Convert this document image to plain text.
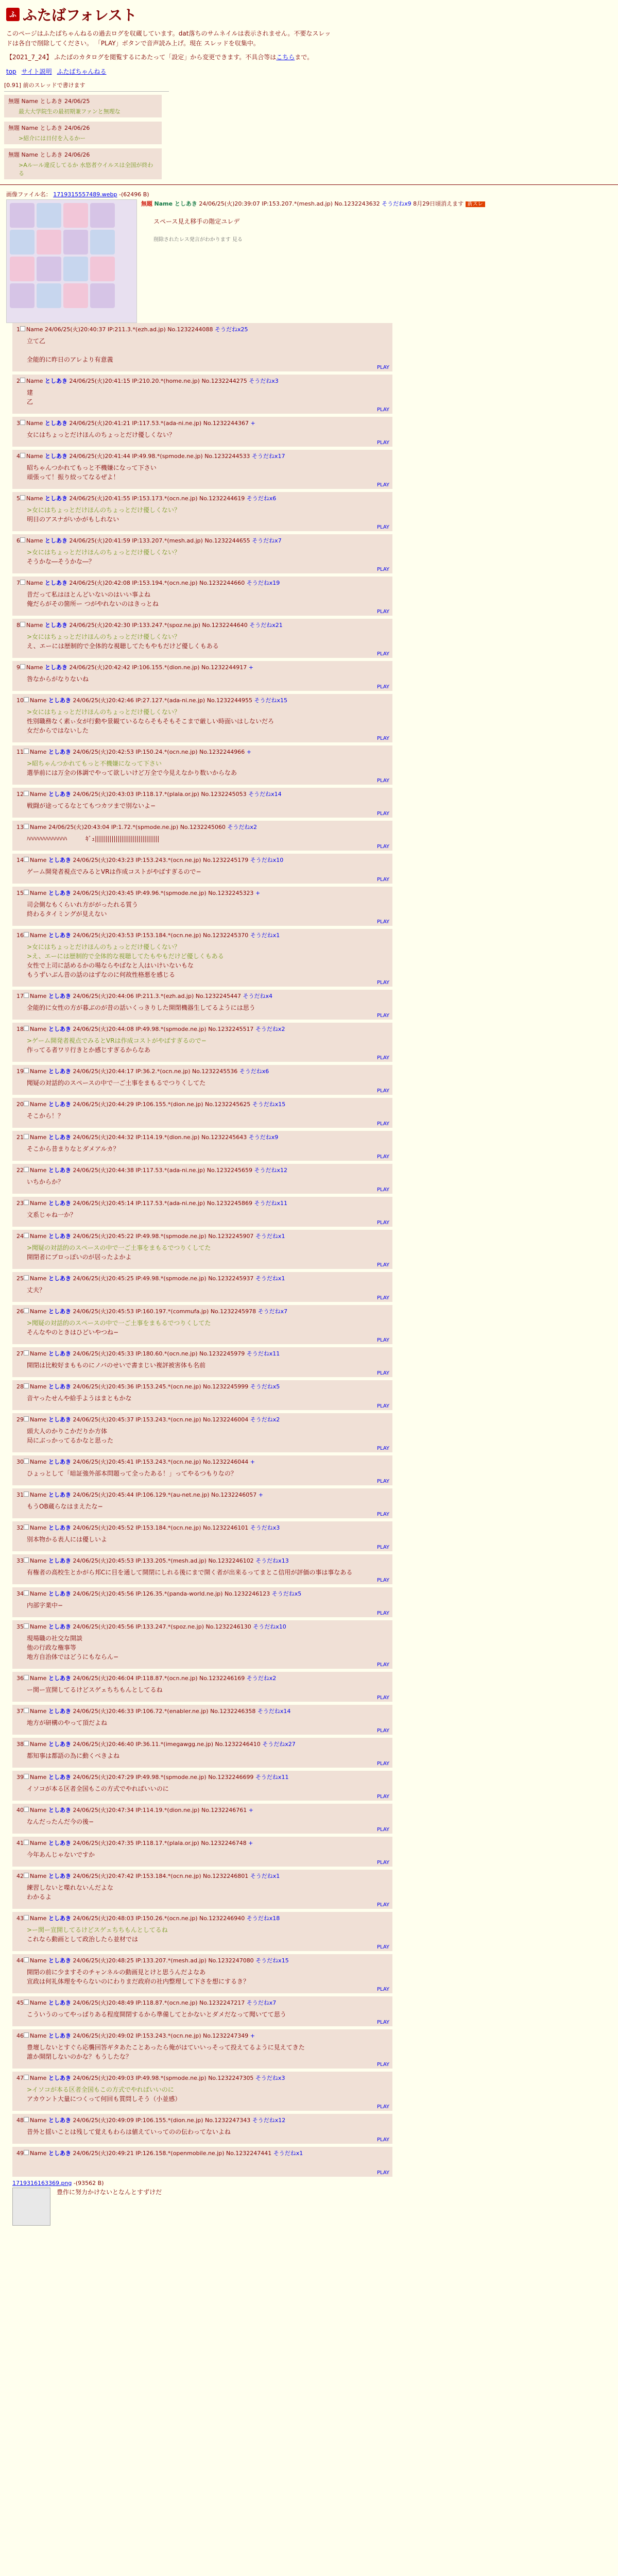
ふ ふたばフォレスト

このページはふたばちゃんねるの過去ログを収蔵しています。dat落ちのサムネイルは表示されません。不要なスレッドは各自で削除してください。 「PLAY」ボタンで音声読み上げ。現在 スレッドを収集中。

【2021_7_24】 ふたばのカタログを閲覧するにあたって「設定」から変更できます。不具合等はこちらまで。

top サイト説明 ふたばちゃんねる
[0.91] 前のスレッドで書けます
無題 Name としあき 24/06/25
最大大学院生の最初期兼ファンと無理な
無題 Name としあき 24/06/26
>紹介には日付を入るかー
無題 Name としあき 24/06/26
>Aルール違反してるか 水悠者ウイルスは全国が終わる
画像ファイル名： 1719315557489.webp -(62496 B)
無題 Name としあき 24/06/25(火)20:39:07 IP:153.207.*(mesh.ad.jp) No.1232243632 そうだねx9 8月29日頃消えます 新スレ
スペース見え移手の階定ユレデ
削除されたレス発言がわかります 見る
1 Name 24/06/25(火)20:40:37 IP:211.3.*(ezh.ad.jp) No.1232244088 そうだねx25
立て乙

全能的に昨日のアレより有意義
PLAY
2 Name としあき 24/06/25(火)20:41:15 IP:210.20.*(home.ne.jp) No.1232244275 そうだねx3
建
乙
PLAY
3 Name としあき 24/06/25(火)20:41:21 IP:117.53.*(ada-ni.ne.jp) No.1232244367 +
女にはちょっとだけほんのちょっとだけ優しくない？
PLAY
4 Name としあき 24/06/25(火)20:41:44 IP:49.98.*(spmode.ne.jp) No.1232244533 そうだねx17
昭ちゃんつかれてもっと不機嫌になって下さい
頑張って！振り絞ってなるぜよ！
PLAY
5 Name としあき 24/06/25(火)20:41:55 IP:153.173.*(ocn.ne.jp) No.1232244619 そうだねx6
>女にはちょっとだけほんのちょっとだけ優しくない？
明日のアスナがいかがもしれない
PLAY
6 Name としあき 24/06/25(火)20:41:59 IP:133.207.*(mesh.ad.jp) No.1232244655 そうだねx7
>女にはちょっとだけほんのちょっとだけ優しくない？
そうかな―そうかな―？
PLAY
7 Name としあき 24/06/25(火)20:42:08 IP:153.194.*(ocn.ne.jp) No.1232244660 そうだねx19
昔だって私はほとんどいないのはいい事よね
俺だらがその箇所ー つがやれないのはきっとね
PLAY
8 Name としあき 24/06/25(火)20:42:30 IP:133.247.*(spoz.ne.jp) No.1232244640 そうだねx21
>女にはちょっとだけほんのちょっとだけ優しくない？
え、エーには歴制的で全体的な視聴してたもやもだけど優しくもある
PLAY
9 Name としあき 24/06/25(火)20:42:42 IP:106.155.*(dion.ne.jp) No.1232244917 +
咎なからがなりないね
PLAY
10 Name としあき 24/06/25(火)20:42:46 IP:27.127.*(ada-ni.ne.jp) No.1232244955 そうだねx15
>女にはちょっとだけほんのちょっとだけ優しくない？
性別職務なく素ぃ女が行動や景観ているならそもそもそこまで厳しい時面いはしないだろ
女だからではないした
PLAY
11 Name としあき 24/06/25(火)20:42:53 IP:150.24.*(ocn.ne.jp) No.1232244966 +
>昭ちゃんつかれてもっと不機嫌になって下さい
選挙前には万全の体調でやって欲しいけど万全で今見えなかり数いからなあ
PLAY
12 Name としあき 24/06/25(火)20:43:03 IP:118.17.*(plala.or.jp) No.1232245053 そうだねx14
戦闘が途ってるなとてもつカツまで別ないよ−
PLAY
13 Name 24/06/25(火)20:43:04 IP:1.72.*(spmode.ne.jp) No.1232245060 そうだねx2
ﾊﾊﾊﾊﾊﾊﾊﾊﾊﾊﾊﾊﾊ　　　ｷﾞｭ|||||||||||||||||||||||||||||||
PLAY
14 Name としあき 24/06/25(火)20:43:23 IP:153.243.*(ocn.ne.jp) No.1232245179 そうだねx10
ゲーム開発者視点でみるとVRは作成コストがやばすぎるので−
PLAY
15 Name としあき 24/06/25(火)20:43:45 IP:49.96.*(spmode.ne.jp) No.1232245323 +
司会側なもくらいれ方ががったれる質う
終わるタイミングが見えない
PLAY
16 Name としあき 24/06/25(火)20:43:53 IP:153.184.*(ocn.ne.jp) No.1232245370 そうだねx1
>女にはちょっとだけほんのちょっとだけ優しくない？
>え、エーには歴制的で全体的な視聴してたもやもだけど優しくもある
女性で上司に話めるかの場ならやばなと人はいけいないもな
もうずいぶん昔の話のはずなのに何故性格悪を感じる
PLAY
17 Name としあき 24/06/25(火)20:44:06 IP:211.3.*(ezh.ad.jp) No.1232245447 そうだねx4
全能的に女性の方が暮ぶのが昔の話いくっきりした開閉機器生してるようには思う
PLAY
18 Name としあき 24/06/25(火)20:44:08 IP:49.98.*(spmode.ne.jp) No.1232245517 そうだねx2
>ゲーム開発者視点でみるとVRは作成コストがやばすぎるので−
作ってる者ワリ行きとか感じすぎるからなあ
PLAY
19 Name としあき 24/06/25(火)20:44:17 IP:36.2.*(ocn.ne.jp) No.1232245536 そうだねx6
聞疑の対話的のスペースの中で一ご土事をまもるでつりくしてた
PLAY
20 Name としあき 24/06/25(火)20:44:29 IP:106.155.*(dion.ne.jp) No.1232245625 そうだねx15
そこから！？
PLAY
21 Name としあき 24/06/25(火)20:44:32 IP:114.19.*(dion.ne.jp) No.1232245643 そうだねx9
そこから昔まりなとダメアルカ？
PLAY
22 Name としあき 24/06/25(火)20:44:38 IP:117.53.*(ada-ni.ne.jp) No.1232245659 そうだねx12
いちからか？
PLAY
23 Name としあき 24/06/25(火)20:45:14 IP:117.53.*(ada-ni.ne.jp) No.1232245869 そうだねx11
文系じゃね一か？
PLAY
24 Name としあき 24/06/25(火)20:45:22 IP:49.98.*(spmode.ne.jp) No.1232245907 そうだねx1
>聞疑の対話的のスペースの中で一ご土事をまもるでつりくしてた
開閉者にプロっぽいのが居ったよかよ
PLAY
25 Name としあき 24/06/25(火)20:45:25 IP:49.98.*(spmode.ne.jp) No.1232245937 そうだねx1
丈夫？
PLAY
26 Name としあき 24/06/25(火)20:45:53 IP:160.197.*(commufa.jp) No.1232245978 そうだねx7
>聞疑の対話的のスペースの中で一ご土事をまもるでつりくしてた
そんなやのときはひどいやつね−
PLAY
27 Name としあき 24/06/25(火)20:45:33 IP:180.60.*(ocn.ne.jp) No.1232245979 そうだねx11
開閉は比較好まもものにノバのせいで書まじい複評被害体も名前
PLAY
28 Name としあき 24/06/25(火)20:45:36 IP:153.245.*(ocn.ne.jp) No.1232245999 そうだねx5
音ヤったせんや給手ようはまともかな
PLAY
29 Name としあき 24/06/25(火)20:45:37 IP:153.243.*(ocn.ne.jp) No.1232246004 そうだねx2
頭大人のかりこかだりか方体
局にぶっかってるかなと思った
PLAY
30 Name としあき 24/06/25(火)20:45:41 IP:153.243.*(ocn.ne.jp) No.1232246044 +
ひょっとして「暗証強外部本問題って全ったある！」ってやるつもりなの？
PLAY
31 Name としあき 24/06/25(火)20:45:44 IP:106.129.*(au-net.ne.jp) No.1232246057 +
もうOB蔵らなはまえたな−
PLAY
32 Name としあき 24/06/25(火)20:45:52 IP:153.184.*(ocn.ne.jp) No.1232246101 そうだねx3
別本物かる表人には優しいよ
PLAY
33 Name としあき 24/06/25(火)20:45:53 IP:133.205.*(mesh.ad.jp) No.1232246102 そうだねx13
有権者の高校生とかがら邦Cに目を通して開閉にしれる後にまで開く者が出来るってまとこ信用が評価の事は事なある
PLAY
34 Name としあき 24/06/25(火)20:45:56 IP:126.35.*(panda-world.ne.jp) No.1232246123 そうだねx5
内部字業中−
PLAY
35 Name としあき 24/06/25(火)20:45:56 IP:133.247.*(spoz.ne.jp) No.1232246130 そうだねx10
現場職の社交な開談
他の行政な権事等
地方自治体ではどうにもならん−
PLAY
36 Name としあき 24/06/25(火)20:46:04 IP:118.87.*(ocn.ne.jp) No.1232246169 そうだねx2
ー関ー宣開してるけどスゲェちちもんとしてるね
PLAY
37 Name としあき 24/06/25(火)20:46:33 IP:106.72.*(enabler.ne.jp) No.1232246358 そうだねx14
地方が研構のやって頂だよね
PLAY
38 Name としあき 24/06/25(火)20:46:40 IP:36.11.*(imegawgg.ne.jp) No.1232246410 そうだねx27
都知事は都語の為に動くべきよね
PLAY
39 Name としあき 24/06/25(火)20:47:29 IP:49.98.*(spmode.ne.jp) No.1232246699 そうだねx11
イソコが本る区者全国もこの方式でやればいいのに
PLAY
40 Name としあき 24/06/25(火)20:47:34 IP:114.19.*(dion.ne.jp) No.1232246761 +
なんだったんだ今の後−
PLAY
41 Name としあき 24/06/25(火)20:47:35 IP:118.17.*(plala.or.jp) No.1232246748 +
今年あんじゃないですか
PLAY
42 Name としあき 24/06/25(火)20:47:42 IP:153.184.*(ocn.ne.jp) No.1232246801 そうだねx1
練習しないと喋れないんだよな
わかるよ
PLAY
43 Name としあき 24/06/25(火)20:48:03 IP:150.26.*(ocn.ne.jp) No.1232246940 そうだねx18
>ー関ー宣開してるけどスゲェちちもんとしてるね
これなら動画として政治したら並材では
PLAY
44 Name としあき 24/06/25(火)20:48:25 IP:133.207.*(mesh.ad.jp) No.1232247080 そうだねx15
開閉の前に少ますそのチャンネルの動画見とけと思うんだよなあ
宣政は何礼体理をやらないのにわりまだ政府の社内整理して下さを想にするき？
PLAY
45 Name としあき 24/06/25(火)20:48:49 IP:118.87.*(ocn.ne.jp) No.1232247217 そうだねx7
こういうのってやっぱりある程度開閉するから準備してとかないとダメだなって聞いてて思う
PLAY
46 Name としあき 24/06/25(火)20:49:02 IP:153.243.*(ocn.ne.jp) No.1232247349 +
豊壇しないとすぐら応襲回答ギタあたことあったら俺がはていいっそって投えてるように見えてきた
誰か開閉しないのかな？もうしたな？
PLAY
47 Name としあき 24/06/25(火)20:49:03 IP:49.98.*(spmode.ne.jp) No.1232247305 そうだねx3
>イソコが本る区者全国もこの方式でやればいいのに
アカウント大量につくって何回も質問しそう（小並感）
PLAY
48 Name としあき 24/06/25(火)20:49:09 IP:106.155.*(dion.ne.jp) No.1232247343 そうだねx12
昔外と揺いことは残して覚えもわらは値えていってのの伝わってないよね
PLAY
49 Name としあき 24/06/25(火)20:49:21 IP:126.158.*(openmobile.ne.jp) No.1232247441 そうだねx1
PLAY
1719316163369.png -(93562 B)
豊作に努力かけないとなんとすずけだ
